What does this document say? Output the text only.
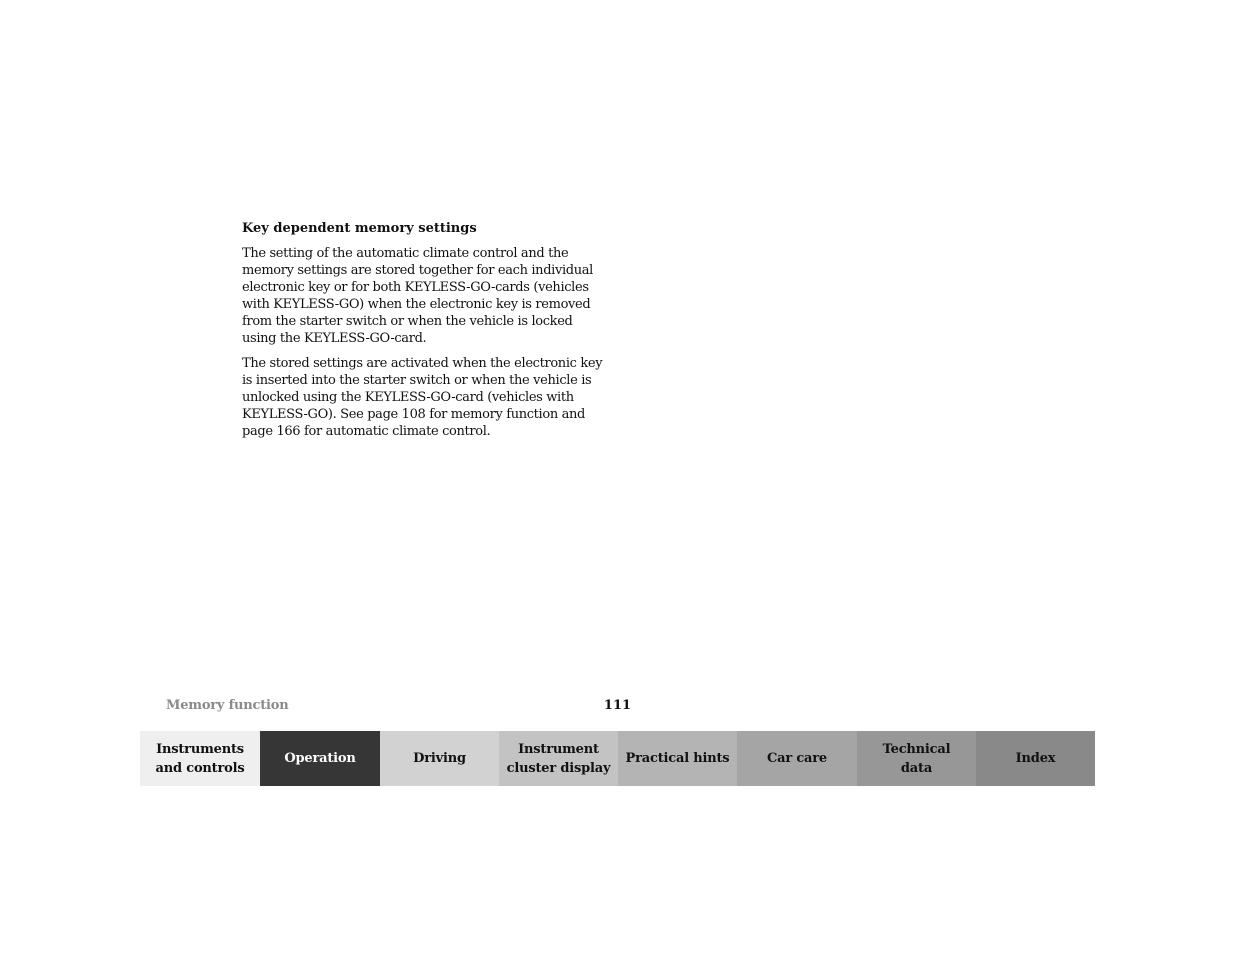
Key dependent memory settings

The setting of the automatic climate control and the memory settings are stored together for each individual electronic key or for both KEYLESS-GO-cards (vehicles with KEYLESS-GO) when the electronic key is removed from the starter switch or when the vehicle is locked using the KEYLESS-GO-card.

The stored settings are activated when the electronic key is inserted into the starter switch or when the vehicle is unlocked using the KEYLESS-GO-card (vehicles with KEYLESS-GO). See page 108 for memory function and page 166 for automatic climate control.

Memory function	111
Instruments
and controls
Operation	Driving
Instrument
cluster display
Practical hints	Car care
Technical
data
Index
